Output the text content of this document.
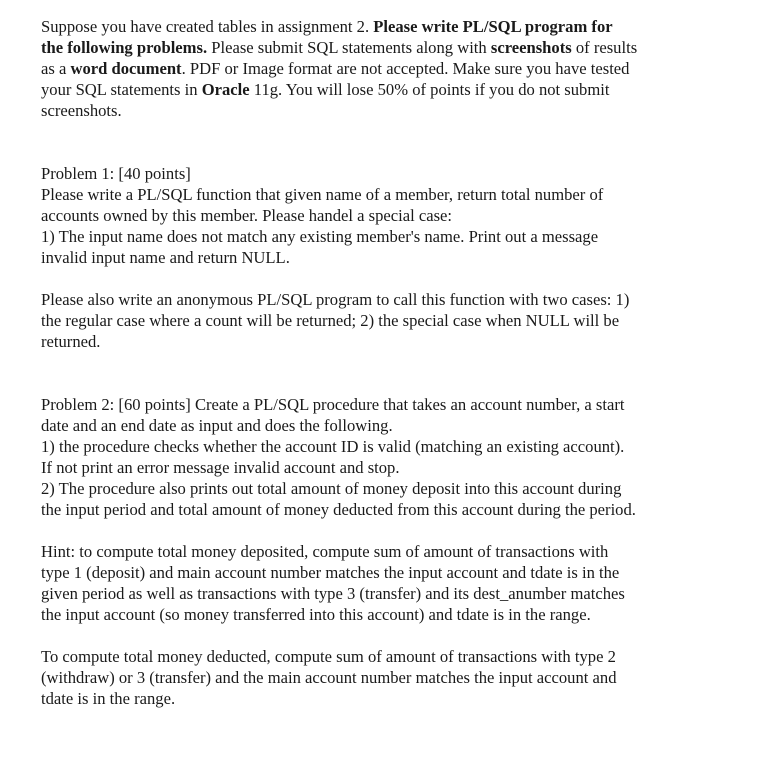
Suppose you have created tables in assignment 2. Please write PL/SQL program for
the following problems. Please submit SQL statements along with screenshots of results
as a word document. PDF or Image format are not accepted. Make sure you have tested
your SQL statements in Oracle 11g. You will lose 50% of points if you do not submit
screenshots.
Problem 1: [40 points]
Please write a PL/SQL function that given name of a member, return total number of
accounts owned by this member. Please handel a special case:
1) The input name does not match any existing member's name. Print out a message
invalid input name and return NULL.
Please also write an anonymous PL/SQL program to call this function with two cases: 1)
the regular case where a count will be returned; 2) the special case when NULL will be
returned.
Problem 2: [60 points] Create a PL/SQL procedure that takes an account number, a start
date and an end date as input and does the following.
1) the procedure checks whether the account ID is valid (matching an existing account).
If not print an error message invalid account and stop.
2) The procedure also prints out total amount of money deposit into this account during
the input period and total amount of money deducted from this account during the period.
Hint: to compute total money deposited, compute sum of amount of transactions with
type 1 (deposit) and main account number matches the input account and tdate is in the
given period as well as transactions with type 3 (transfer) and its dest_anumber matches
the input account (so money transferred into this account) and tdate is in the range.
To compute total money deducted, compute sum of amount of transactions with type 2
(withdraw) or 3 (transfer) and the main account number matches the input account and
tdate is in the range.
